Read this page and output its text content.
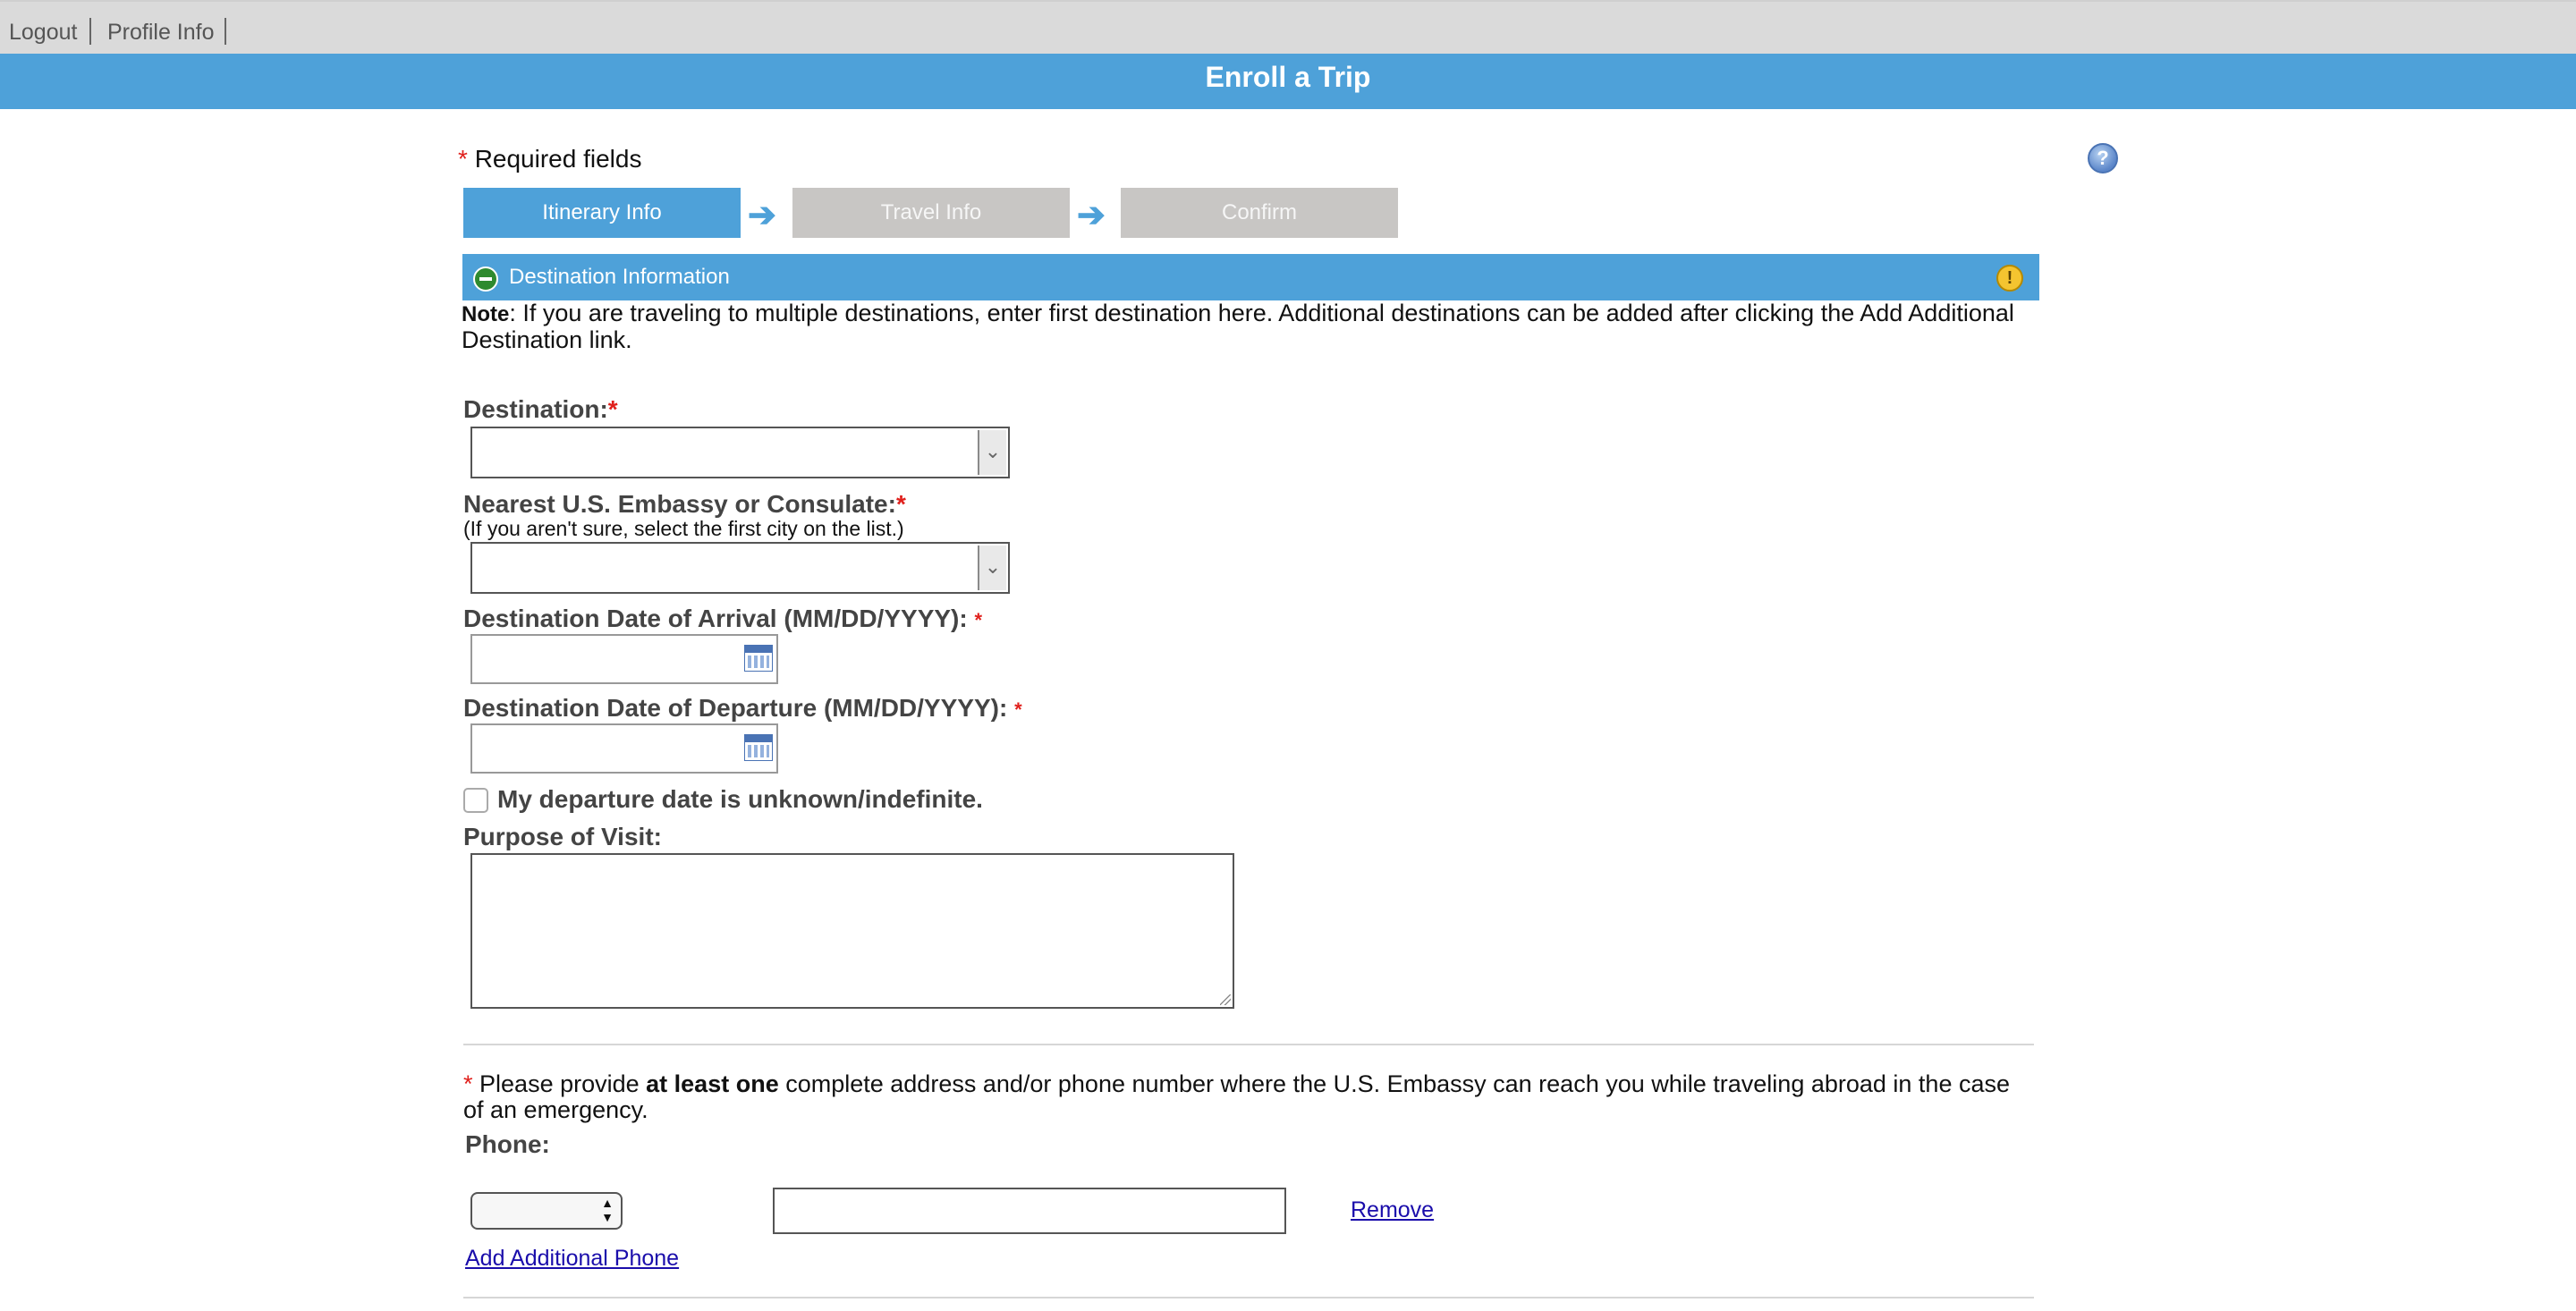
Logout Profile Info
Enroll a Trip
* Required fields	?
Itinerary Info	➔	Travel Info	➔	Confirm
Destination Information	!
Note: If you are traveling to multiple destinations, enter first destination here. Additional destinations can be added after clicking the Add Additional Destination link.
Destination:*
⌄
Nearest U.S. Embassy or Consulate:*
(If you aren't sure, select the first city on the list.)
⌄
Destination Date of Arrival (MM/DD/YYYY): *
Destination Date of Departure (MM/DD/YYYY): *
My departure date is unknown/indefinite.
Purpose of Visit:
* Please provide at least one complete address and/or phone number where the U.S. Embassy can reach you while traveling abroad in the case of an emergency.
Phone:
▲
▼	Remove
Add Additional Phone
